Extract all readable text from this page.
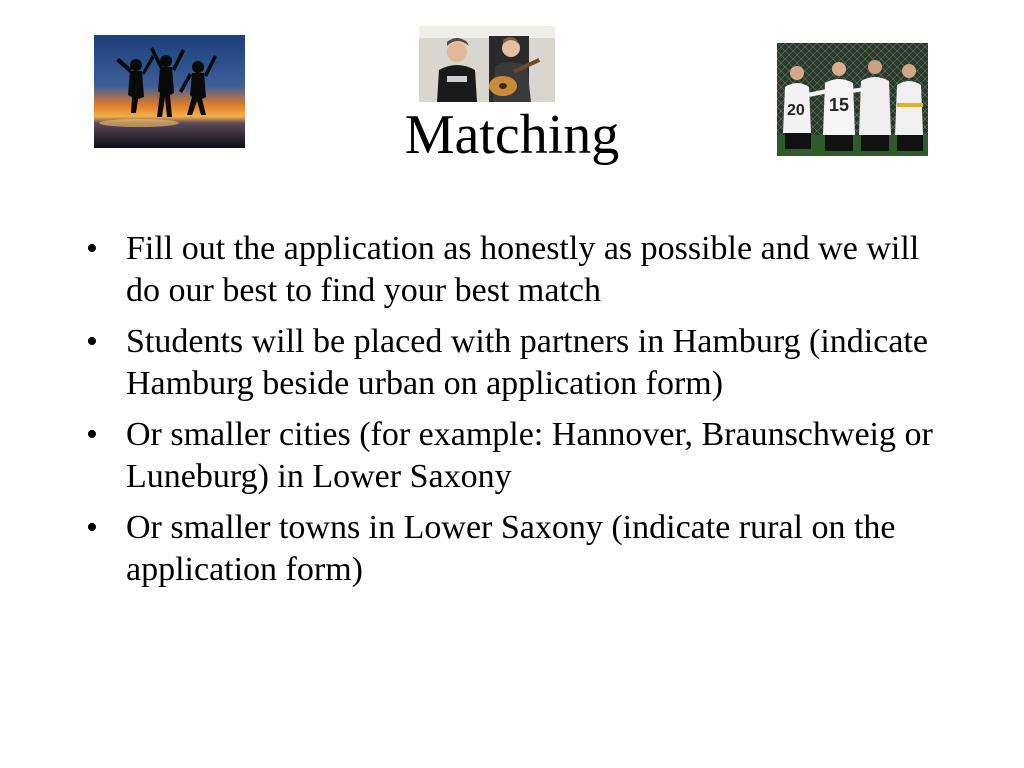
20 15
Matching
• Fill out the application as honestly as possible and we will do our best to find your best match
• Students will be placed with partners in Hamburg (indicate Hamburg beside urban on application form)
• Or smaller cities (for example: Hannover, Braunschweig or Luneburg) in Lower Saxony
• Or smaller towns in Lower Saxony (indicate rural on the application form)
